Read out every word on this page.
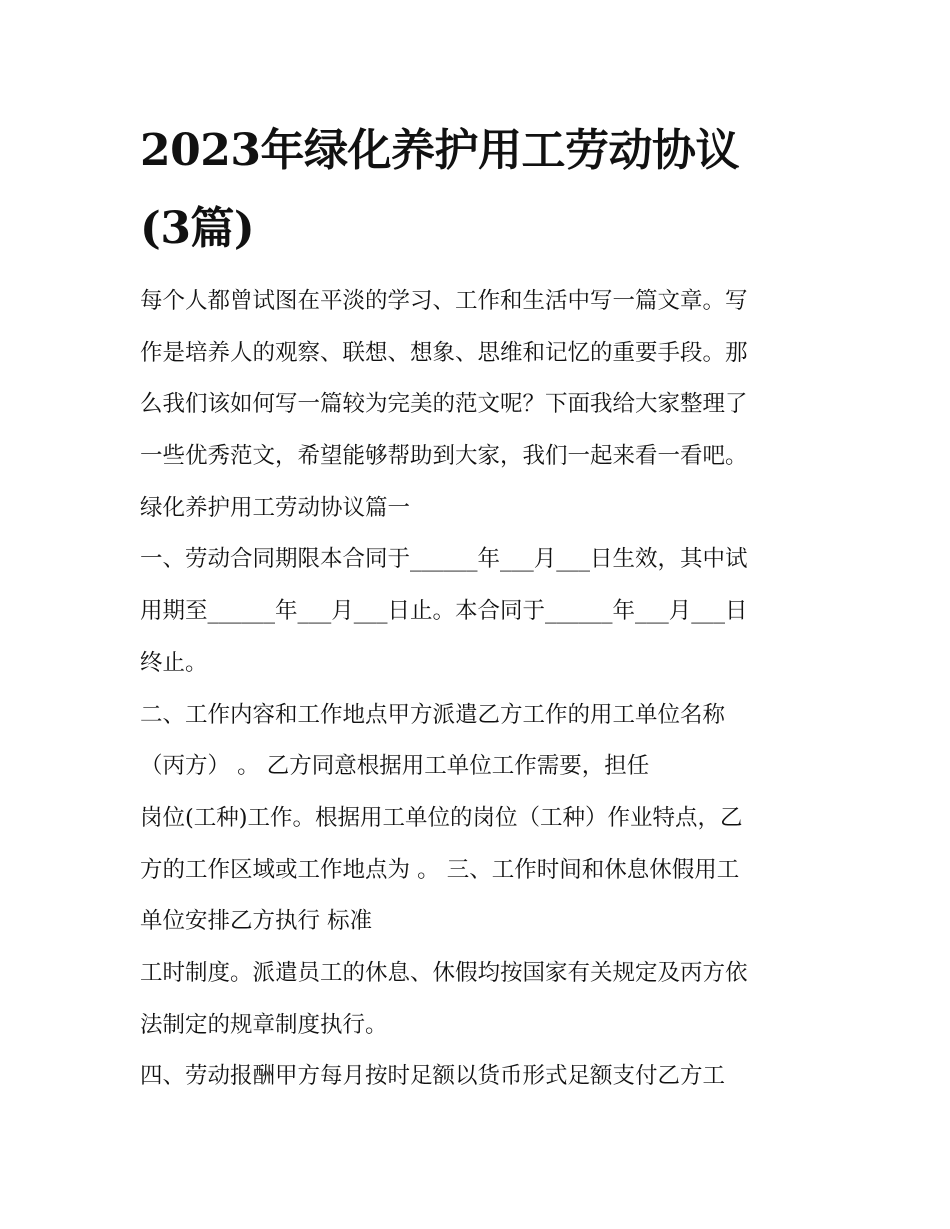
2023年绿化养护用工劳动协议
(3篇)
每个人都曾试图在平淡的学习、工作和生活中写一篇文章。写
作是培养人的观察、联想、想象、思维和记忆的重要手段。那
么我们该如何写一篇较为完美的范文呢？下面我给大家整理了
一些优秀范文，希望能够帮助到大家，我们一起来看一看吧。
绿化养护用工劳动协议篇一
一、劳动合同期限本合同于______年___月___日生效，其中试
用期至______年___月___日止。本合同于______年___月___日
终止。
二、工作内容和工作地点甲方派遣乙方工作的用工单位名称
（丙方） 。 乙方同意根据用工单位工作需要，担任
岗位(工种)工作。根据用工单位的岗位（工种）作业特点，乙
方的工作区域或工作地点为 。 三、工作时间和休息休假用工
单位安排乙方执行 标准
工时制度。派遣员工的休息、休假均按国家有关规定及丙方依
法制定的规章制度执行。
四、劳动报酬甲方每月按时足额以货币形式足额支付乙方工
